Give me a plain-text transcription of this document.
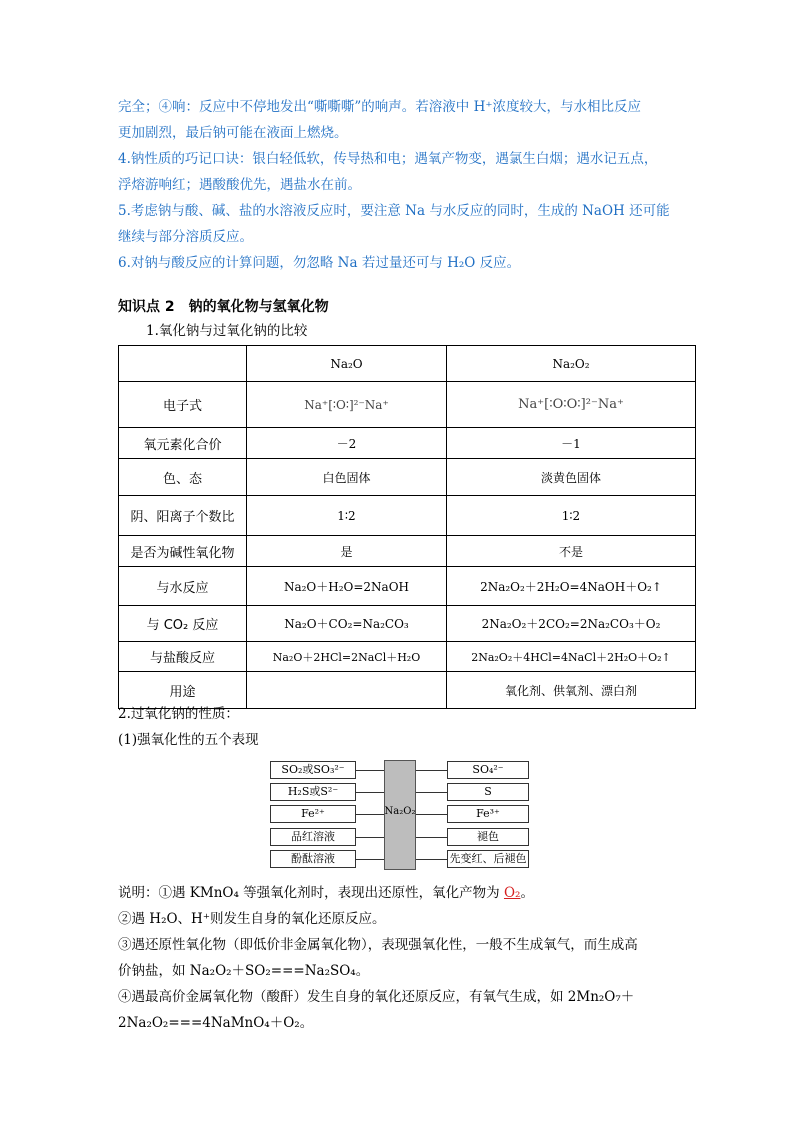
完全；④响：反应中不停地发出“嘶嘶嘶”的响声。若溶液中 H⁺浓度较大，与水相比反应
更加剧烈，最后钠可能在液面上燃烧。
4.钠性质的巧记口诀：银白轻低软，传导热和电；遇氧产物变，遇氯生白烟；遇水记五点，
浮熔游响红；遇酸酸优先，遇盐水在前。
5.考虑钠与酸、碱、盐的水溶液反应时，要注意 Na 与水反应的同时，生成的 NaOH 还可能
继续与部分溶质反应。
6.对钠与酸反应的计算问题，勿忽略 Na 若过量还可与 H₂O 反应。
知识点 2　钠的氧化物与氢氧化物
1.氧化钠与过氧化钠的比较
	Na₂O	Na₂O₂
电子式	Na⁺[∶O∶]²⁻Na⁺	Na⁺[∶O∶O∶]²⁻Na⁺
氧元素化合价	－2	－1
色、态	白色固体	淡黄色固体
阴、阳离子个数比	1∶2	1∶2
是否为碱性氧化物	是	不是
与水反应	Na₂O＋H₂O=2NaOH	2Na₂O₂＋2H₂O=4NaOH＋O₂↑
与 CO₂ 反应	Na₂O＋CO₂=Na₂CO₃	2Na₂O₂＋2CO₂=2Na₂CO₃＋O₂
与盐酸反应	Na₂O＋2HCl=2NaCl＋H₂O	2Na₂O₂＋4HCl=4NaCl＋2H₂O＋O₂↑
用途		氧化剂、供氧剂、漂白剂
2.过氧化钠的性质：
(1)强氧化性的五个表现
Na₂O₂
SO₂或SO₃²⁻
H₂S或S²⁻
Fe²⁺
品红溶液
酚酞溶液
SO₄²⁻
S
Fe³⁺
褪色
先变红、后褪色
说明：①遇 KMnO₄ 等强氧化剂时，表现出还原性，氧化产物为 O₂。
②遇 H₂O、H⁺则发生自身的氧化还原反应。
③遇还原性氧化物（即低价非金属氧化物），表现强氧化性，一般不生成氧气，而生成高
价钠盐，如 Na₂O₂＋SO₂===Na₂SO₄。
④遇最高价金属氧化物（酸酐）发生自身的氧化还原反应，有氧气生成，如 2Mn₂O₇＋
2Na₂O₂===4NaMnO₄＋O₂。
